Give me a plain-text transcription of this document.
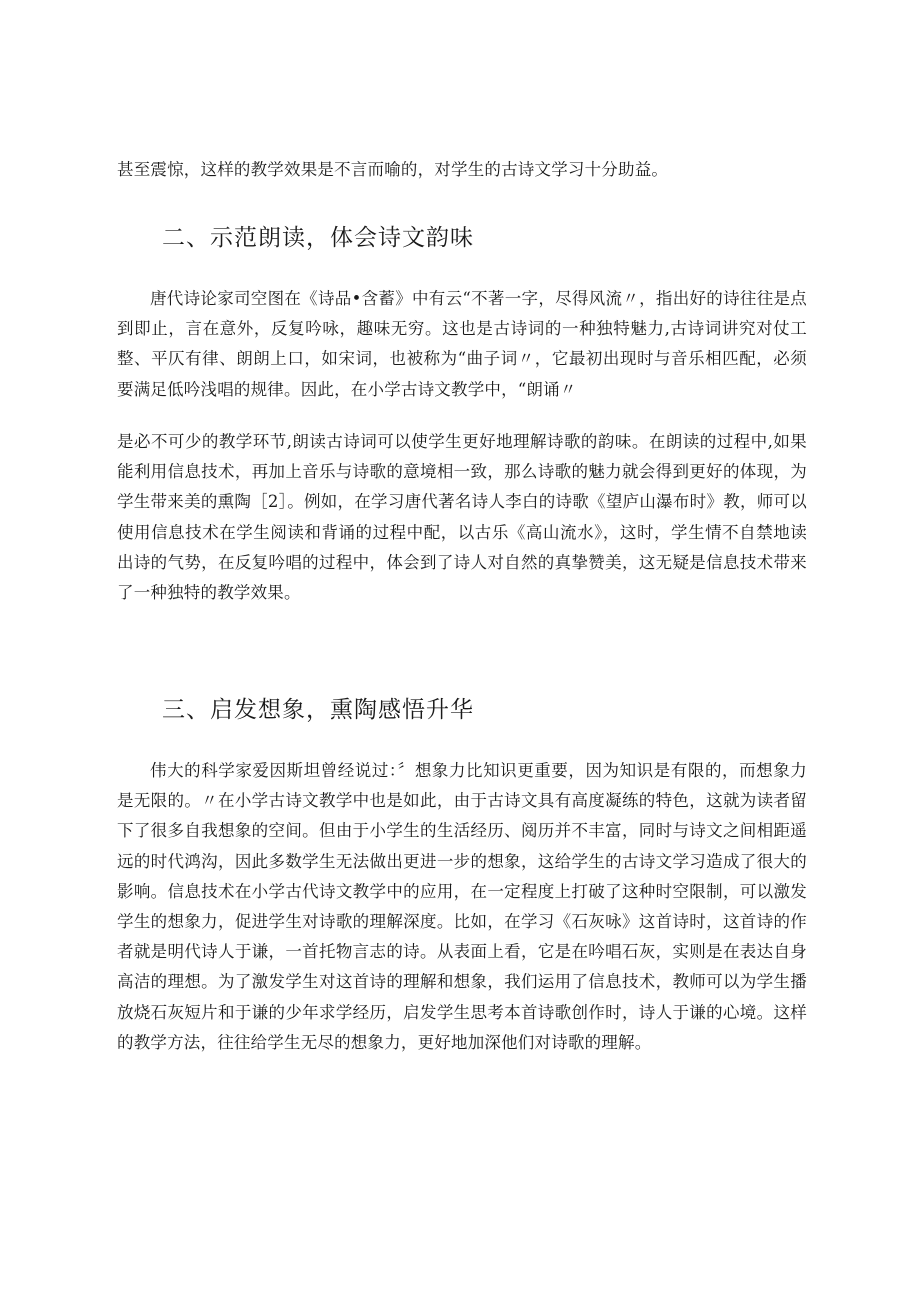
甚至震惊，这样的教学效果是不言而喻的，对学生的古诗文学习十分助益。

二、示范朗读，体会诗文韵味

唐代诗论家司空图在《诗品•含蓄》中有云“不著一字，尽得风流〃，指出好的诗往往是点到即止，言在意外，反复吟咏，趣味无穷。这也是古诗词的一种独特魅力,古诗词讲究对仗工整、平仄有律、朗朗上口，如宋词，也被称为“曲子词〃，它最初出现时与音乐相匹配，必须要满足低吟浅唱的规律。因此，在小学古诗文教学中，“朗诵〃

是必不可少的教学环节,朗读古诗词可以使学生更好地理解诗歌的韵味。在朗读的过程中,如果能利用信息技术，再加上音乐与诗歌的意境相一致，那么诗歌的魅力就会得到更好的体现，为学生带来美的熏陶［2］。例如，在学习唐代著名诗人李白的诗歌《望庐山瀑布时》教，师可以使用信息技术在学生阅读和背诵的过程中配，以古乐《高山流水》，这时，学生情不自禁地读出诗的气势，在反复吟唱的过程中，体会到了诗人对自然的真挚赞美，这无疑是信息技术带来了一种独特的教学效果。

三、启发想象，熏陶感悟升华

伟大的科学家爱因斯坦曾经说过：〞想象力比知识更重要，因为知识是有限的，而想象力是无限的。〃在小学古诗文教学中也是如此，由于古诗文具有高度凝练的特色，这就为读者留下了很多自我想象的空间。但由于小学生的生活经历、阅历并不丰富，同时与诗文之间相距遥远的时代鸿沟，因此多数学生无法做出更进一步的想象，这给学生的古诗文学习造成了很大的影响。信息技术在小学古代诗文教学中的应用，在一定程度上打破了这种时空限制，可以激发学生的想象力，促进学生对诗歌的理解深度。比如，在学习《石灰咏》这首诗时，这首诗的作者就是明代诗人于谦，一首托物言志的诗。从表面上看，它是在吟唱石灰，实则是在表达自身高洁的理想。为了激发学生对这首诗的理解和想象，我们运用了信息技术，教师可以为学生播放烧石灰短片和于谦的少年求学经历，启发学生思考本首诗歌创作时，诗人于谦的心境。这样的教学方法，往往给学生无尽的想象力，更好地加深他们对诗歌的理解。
